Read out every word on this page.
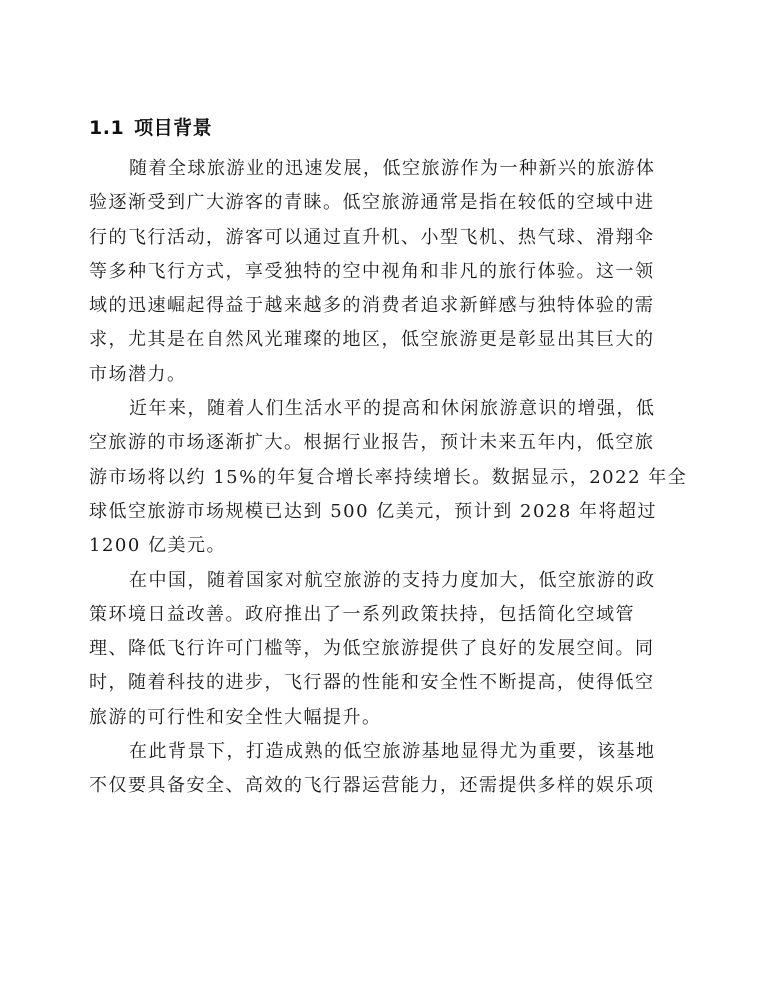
1.1 项目背景
随着全球旅游业的迅速发展，低空旅游作为一种新兴的旅游体
验逐渐受到广大游客的青睐。低空旅游通常是指在较低的空域中进
行的飞行活动，游客可以通过直升机、小型飞机、热气球、滑翔伞
等多种飞行方式，享受独特的空中视角和非凡的旅行体验。这一领
域的迅速崛起得益于越来越多的消费者追求新鲜感与独特体验的需
求，尤其是在自然风光璀璨的地区，低空旅游更是彰显出其巨大的
市场潜力。
近年来，随着人们生活水平的提高和休闲旅游意识的增强，低
空旅游的市场逐渐扩大。根据行业报告，预计未来五年内，低空旅
游市场将以约 15%的年复合增长率持续增长。数据显示，2022 年全
球低空旅游市场规模已达到 500 亿美元，预计到 2028 年将超过
1200 亿美元。
在中国，随着国家对航空旅游的支持力度加大，低空旅游的政
策环境日益改善。政府推出了一系列政策扶持，包括简化空域管
理、降低飞行许可门槛等，为低空旅游提供了良好的发展空间。同
时，随着科技的进步，飞行器的性能和安全性不断提高，使得低空
旅游的可行性和安全性大幅提升。
在此背景下，打造成熟的低空旅游基地显得尤为重要，该基地
不仅要具备安全、高效的飞行器运营能力，还需提供多样的娱乐项
